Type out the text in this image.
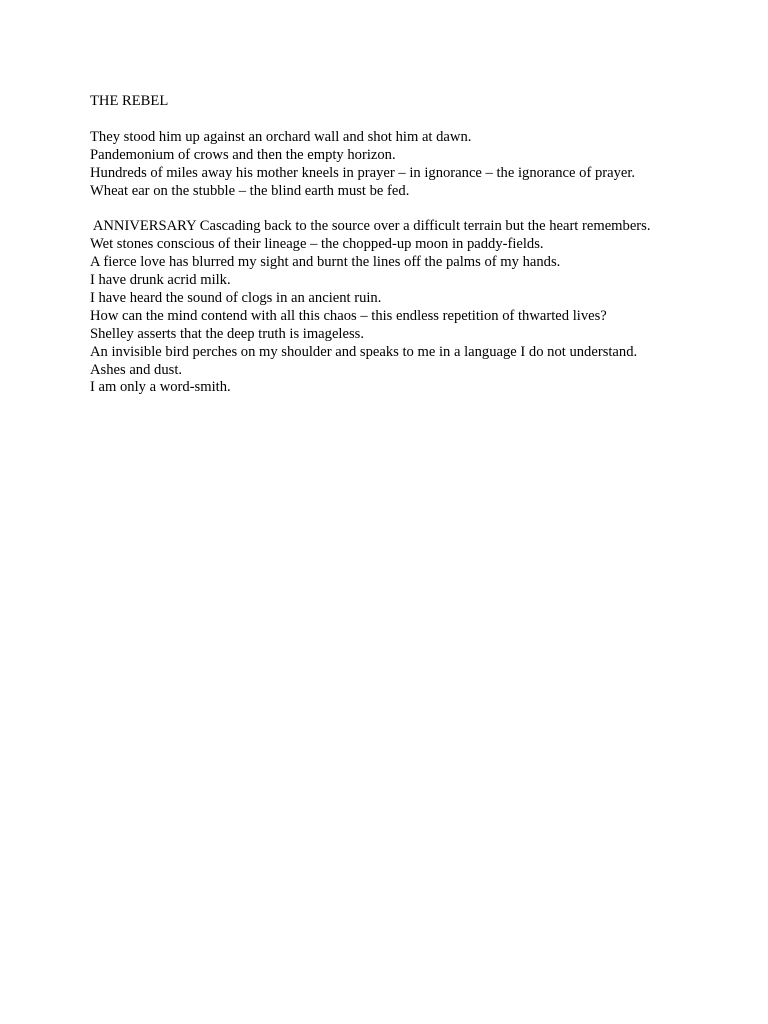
THE REBEL
They stood him up against an orchard wall and shot him at dawn.
Pandemonium of crows and then the empty horizon.
Hundreds of miles away his mother kneels in prayer – in ignorance – the ignorance of prayer.
Wheat ear on the stubble – the blind earth must be fed.
ANNIVERSARY Cascading back to the source over a difficult terrain but the heart remembers.
Wet stones conscious of their lineage – the chopped-up moon in paddy-fields.
A fierce love has blurred my sight and burnt the lines off the palms of my hands.
I have drunk acrid milk.
I have heard the sound of clogs in an ancient ruin.
How can the mind contend with all this chaos – this endless repetition of thwarted lives?
Shelley asserts that the deep truth is imageless.
An invisible bird perches on my shoulder and speaks to me in a language I do not understand.
Ashes and dust.
I am only a word-smith.
